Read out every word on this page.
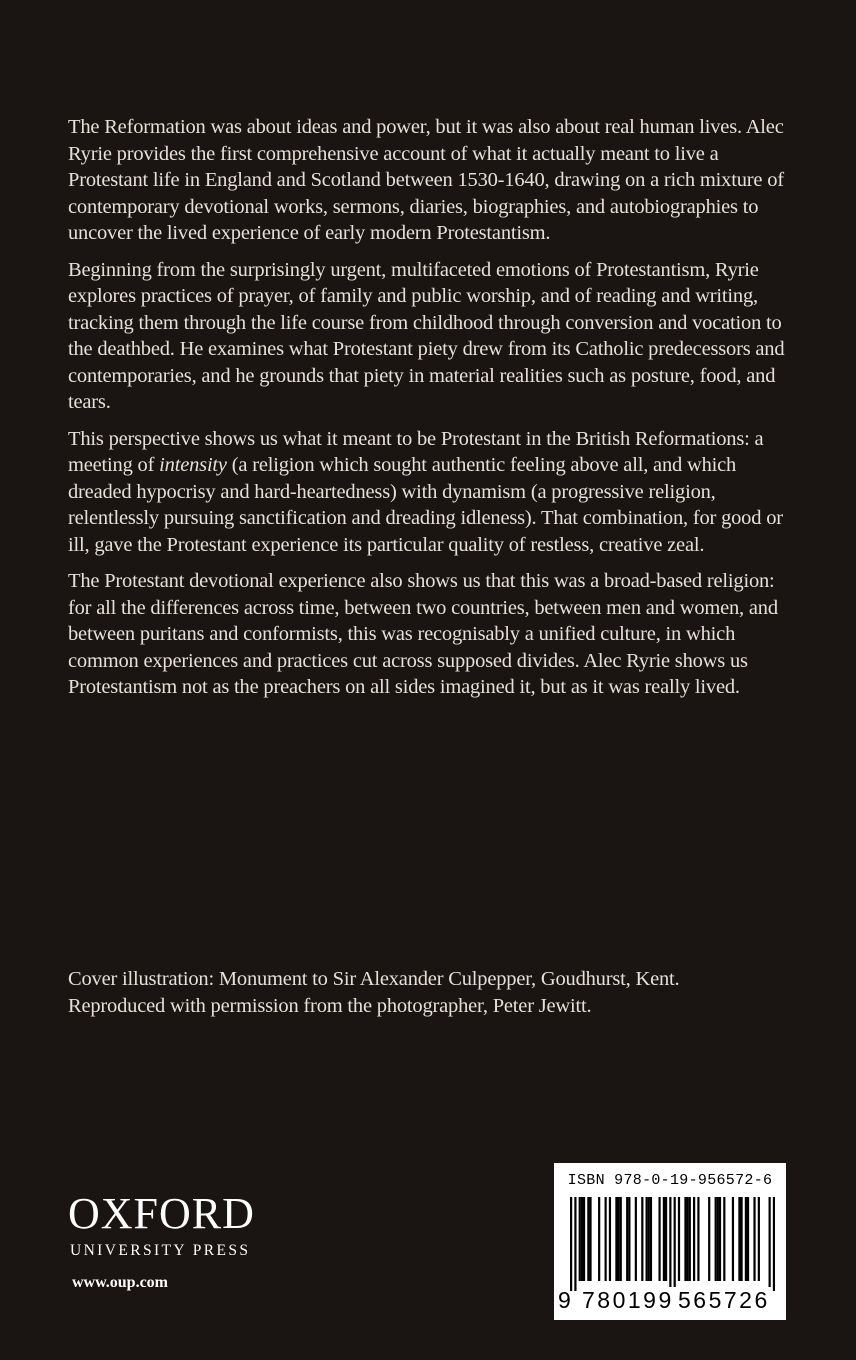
The Reformation was about ideas and power, but it was also about real human lives. Alec Ryrie provides the first comprehensive account of what it actually meant to live a Protestant life in England and Scotland between 1530-1640, drawing on a rich mixture of contemporary devotional works, sermons, diaries, biographies, and autobiographies to uncover the lived experience of early modern Protestantism.

Beginning from the surprisingly urgent, multifaceted emotions of Protestantism, Ryrie explores practices of prayer, of family and public worship, and of reading and writing, tracking them through the life course from childhood through conversion and vocation to the deathbed. He examines what Protestant piety drew from its Catholic predecessors and contemporaries, and he grounds that piety in material realities such as posture, food, and tears.

This perspective shows us what it meant to be Protestant in the British Reformations: a meeting of intensity (a religion which sought authentic feeling above all, and which dreaded hypocrisy and hard-heartedness) with dynamism (a progressive religion, relentlessly pursuing sanctification and dreading idleness). That combination, for good or ill, gave the Protestant experience its particular quality of restless, creative zeal.

The Protestant devotional experience also shows us that this was a broad-based religion: for all the differences across time, between two countries, between men and women, and between puritans and conformists, this was recognisably a unified culture, in which common experiences and practices cut across supposed divides. Alec Ryrie shows us Protestantism not as the preachers on all sides imagined it, but as it was really lived.

Cover illustration: Monument to Sir Alexander Culpepper, Goudhurst, Kent.
Reproduced with permission from the photographer, Peter Jewitt.
OXFORD
UNIVERSITY PRESS
www.oup.com
ISBN 978-0-19-956572-6
9 780199 565726
